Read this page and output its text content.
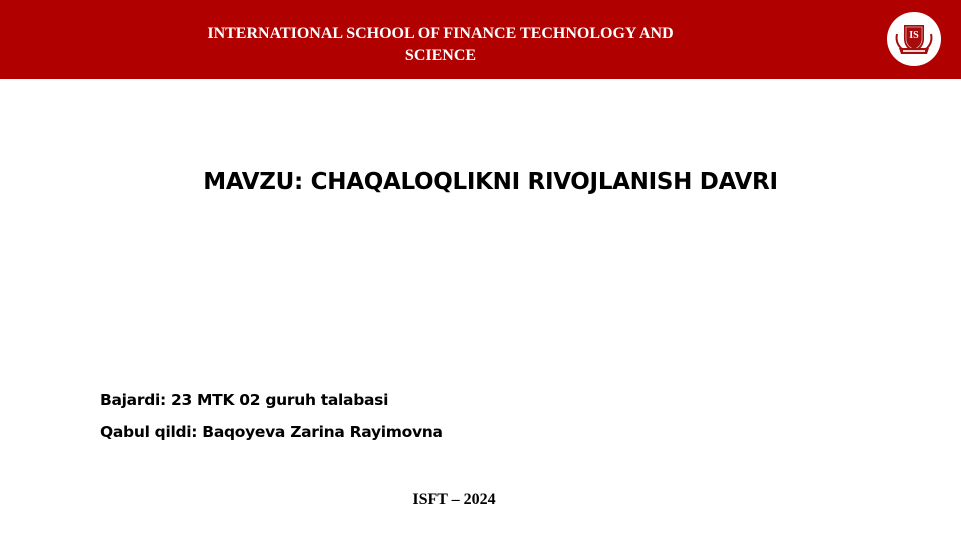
INTERNATIONAL SCHOOL OF FINANCE TECHNOLOGY AND SCIENCE
IS
MAVZU: CHAQALOQLIKNI RIVOJLANISH DAVRI
Bajardi: 23 MTK 02 guruh talabasi
Qabul qildi: Baqoyeva Zarina Rayimovna
ISFT – 2024
